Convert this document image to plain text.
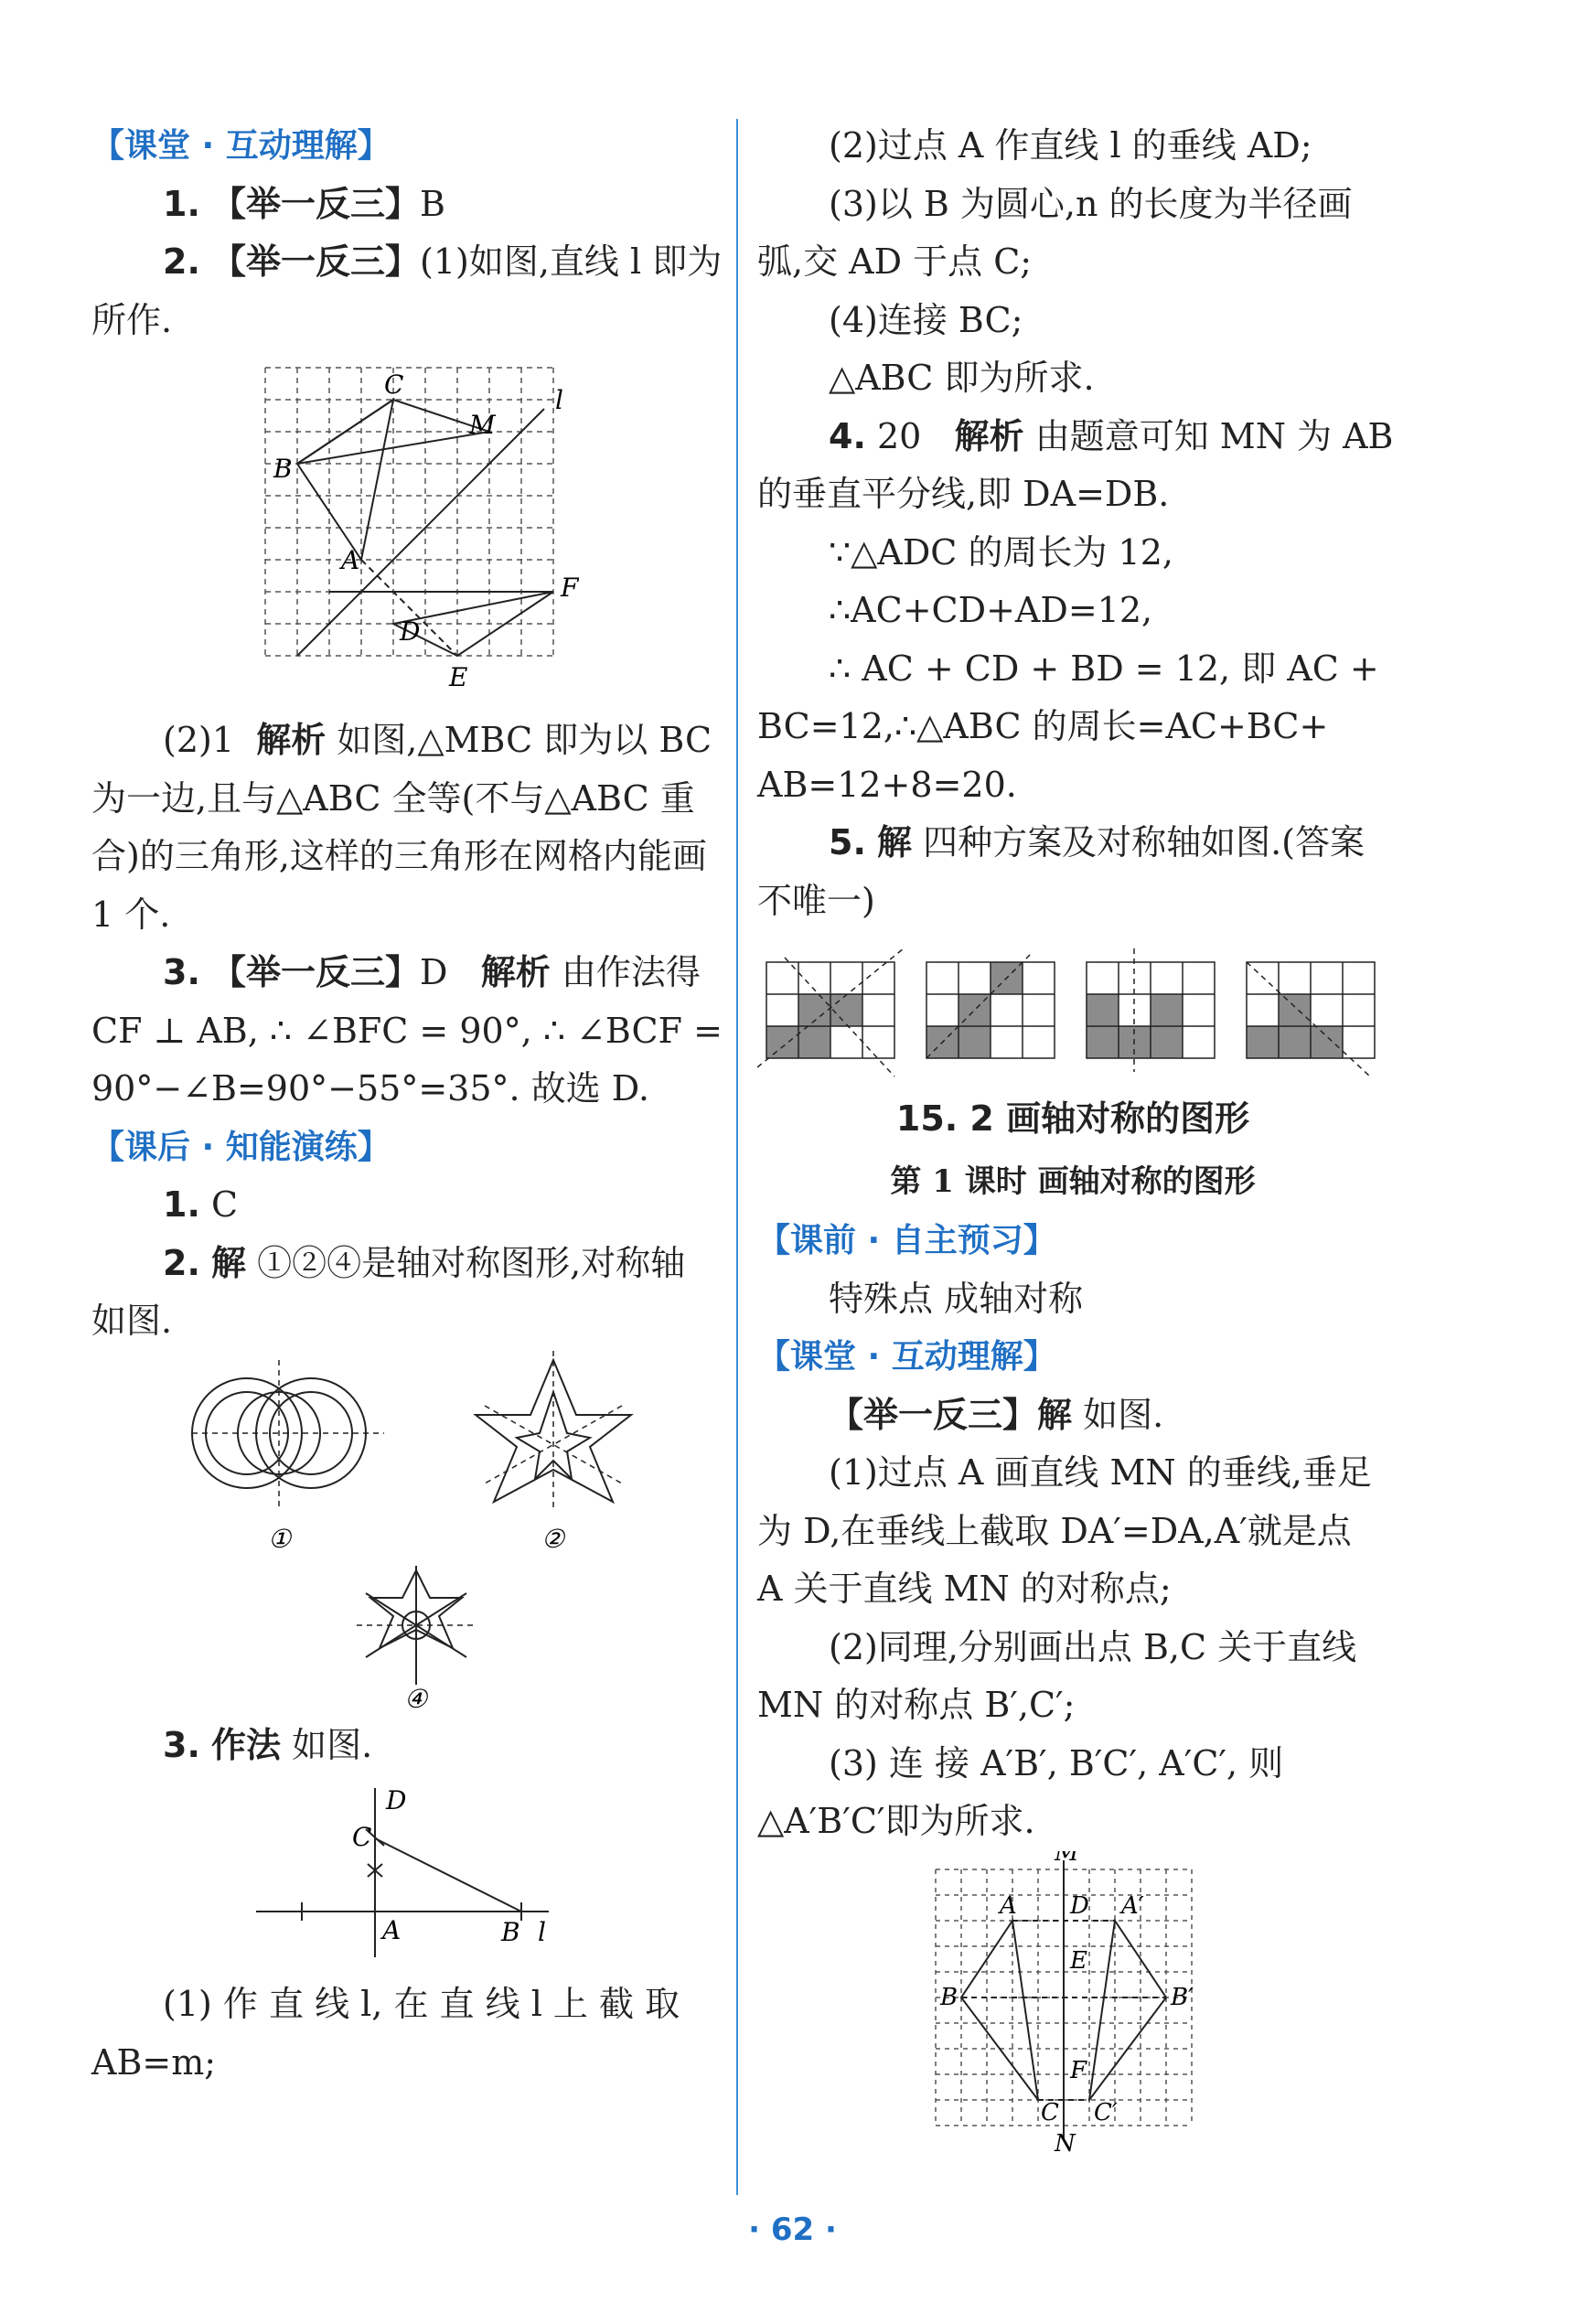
【课堂 · 互动理解】
1. 【举一反三】B
2. 【举一反三】(1)如图,直线 l 即为
所作.
C
M
l
B
A
F
D
E
(2)1 解析 如图,△MBC 即为以 BC
为一边,且与△ABC 全等(不与△ABC 重
合)的三角形,这样的三角形在网格内能画
1 个.
3. 【举一反三】D 解析 由作法得
CF ⊥ AB, ∴ ∠BFC = 90°, ∴ ∠BCF =
90°−∠B=90°−55°=35°. 故选 D.
【课后 · 知能演练】
1. C
2. 解 ①②④是轴对称图形,对称轴
如图.
①	②
④
3. 作法 如图.
D
C
A	B l
(1) 作 直 线 l, 在 直 线 l 上 截 取
AB=m;
(2)过点 A 作直线 l 的垂线 AD;
(3)以 B 为圆心,n 的长度为半径画
弧,交 AD 于点 C;
(4)连接 BC;
△ABC 即为所求.
4. 20 解析 由题意可知 MN 为 AB
的垂直平分线,即 DA=DB.
∵△ADC 的周长为 12,
∴AC+CD+AD=12,
∴ AC + CD + BD = 12, 即 AC +
BC=12,∴△ABC 的周长=AC+BC+
AB=12+8=20.
5. 解 四种方案及对称轴如图.(答案
不唯一)
15. 2 画轴对称的图形
第 1 课时 画轴对称的图形
【课前 · 自主预习】
特殊点 成轴对称
【课堂 · 互动理解】
【举一反三】解 如图.
(1)过点 A 画直线 MN 的垂线,垂足
为 D,在垂线上截取 DA′=DA,A′就是点
A 关于直线 MN 的对称点;
(2)同理,分别画出点 B,C 关于直线
MN 的对称点 B′,C′;
(3) 连 接 A′B′, B′C′, A′C′, 则
△A′B′C′即为所求.
M
A D A′
E
B	B′
F
C C′
N
· 62 ·
